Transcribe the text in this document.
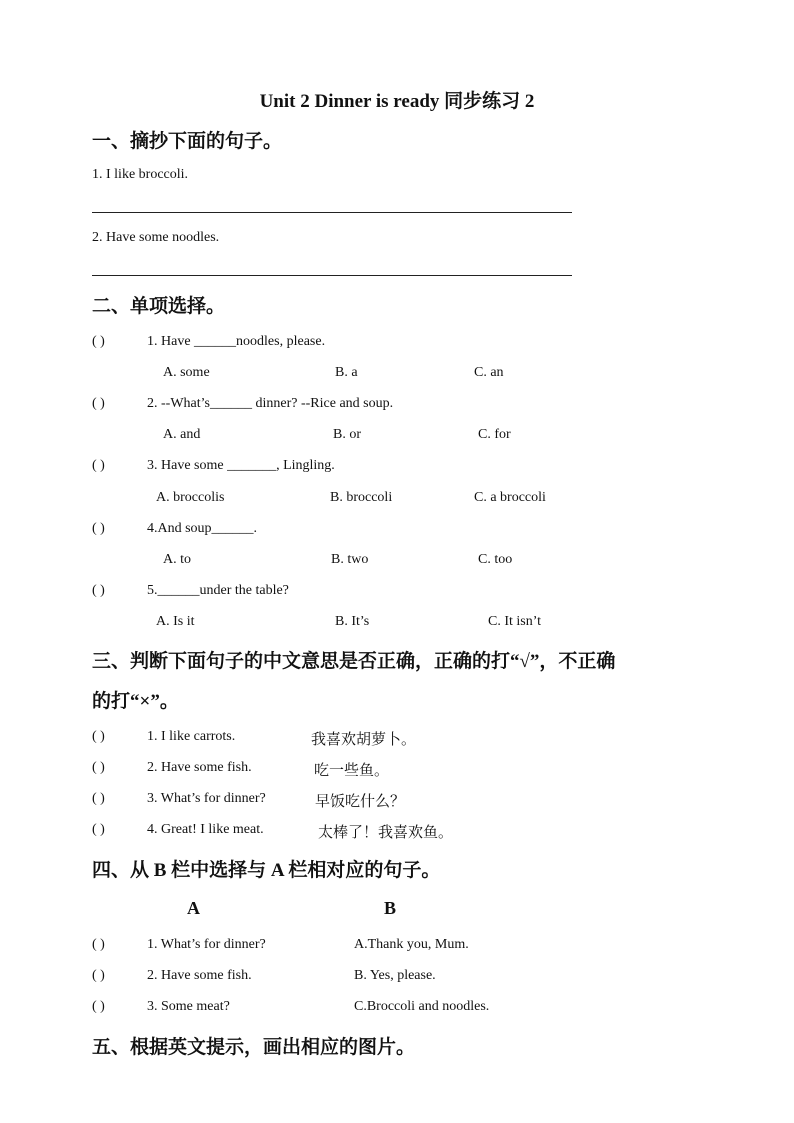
Unit 2 Dinner is ready 同步练习 2
一、摘抄下面的句子。
1. I like broccoli.
2. Have some noodles.
二、单项选择。
( )	1. Have ______noodles, please.
A. some	B. a	C. an
( )	2. --What’s______ dinner? --Rice and soup.
A. and	B. or	C. for
( )	3. Have some _______, Lingling.
A. broccolis	B. broccoli	C. a broccoli
( )	4.And soup______.
A. to	B. two	C. too
( )	5.______under the table?
A. Is it	B. It’s	C. It isn’t
三、判断下面句子的中文意思是否正确，正确的打“√”，不正确
的打“×”。
( )	1. I like carrots.	我喜欢胡萝卜。
( )	2. Have some fish.	吃一些鱼。
( )	3. What’s for dinner?	早饭吃什么？
( )	4. Great! I like meat.	太棒了！我喜欢鱼。
四、从 B 栏中选择与 A 栏相对应的句子。
A	B
( )	1. What’s for dinner?	A.Thank you, Mum.
( )	2. Have some fish.	B. Yes, please.
( )	3. Some meat?	C.Broccoli and noodles.
五、根据英文提示，画出相应的图片。
